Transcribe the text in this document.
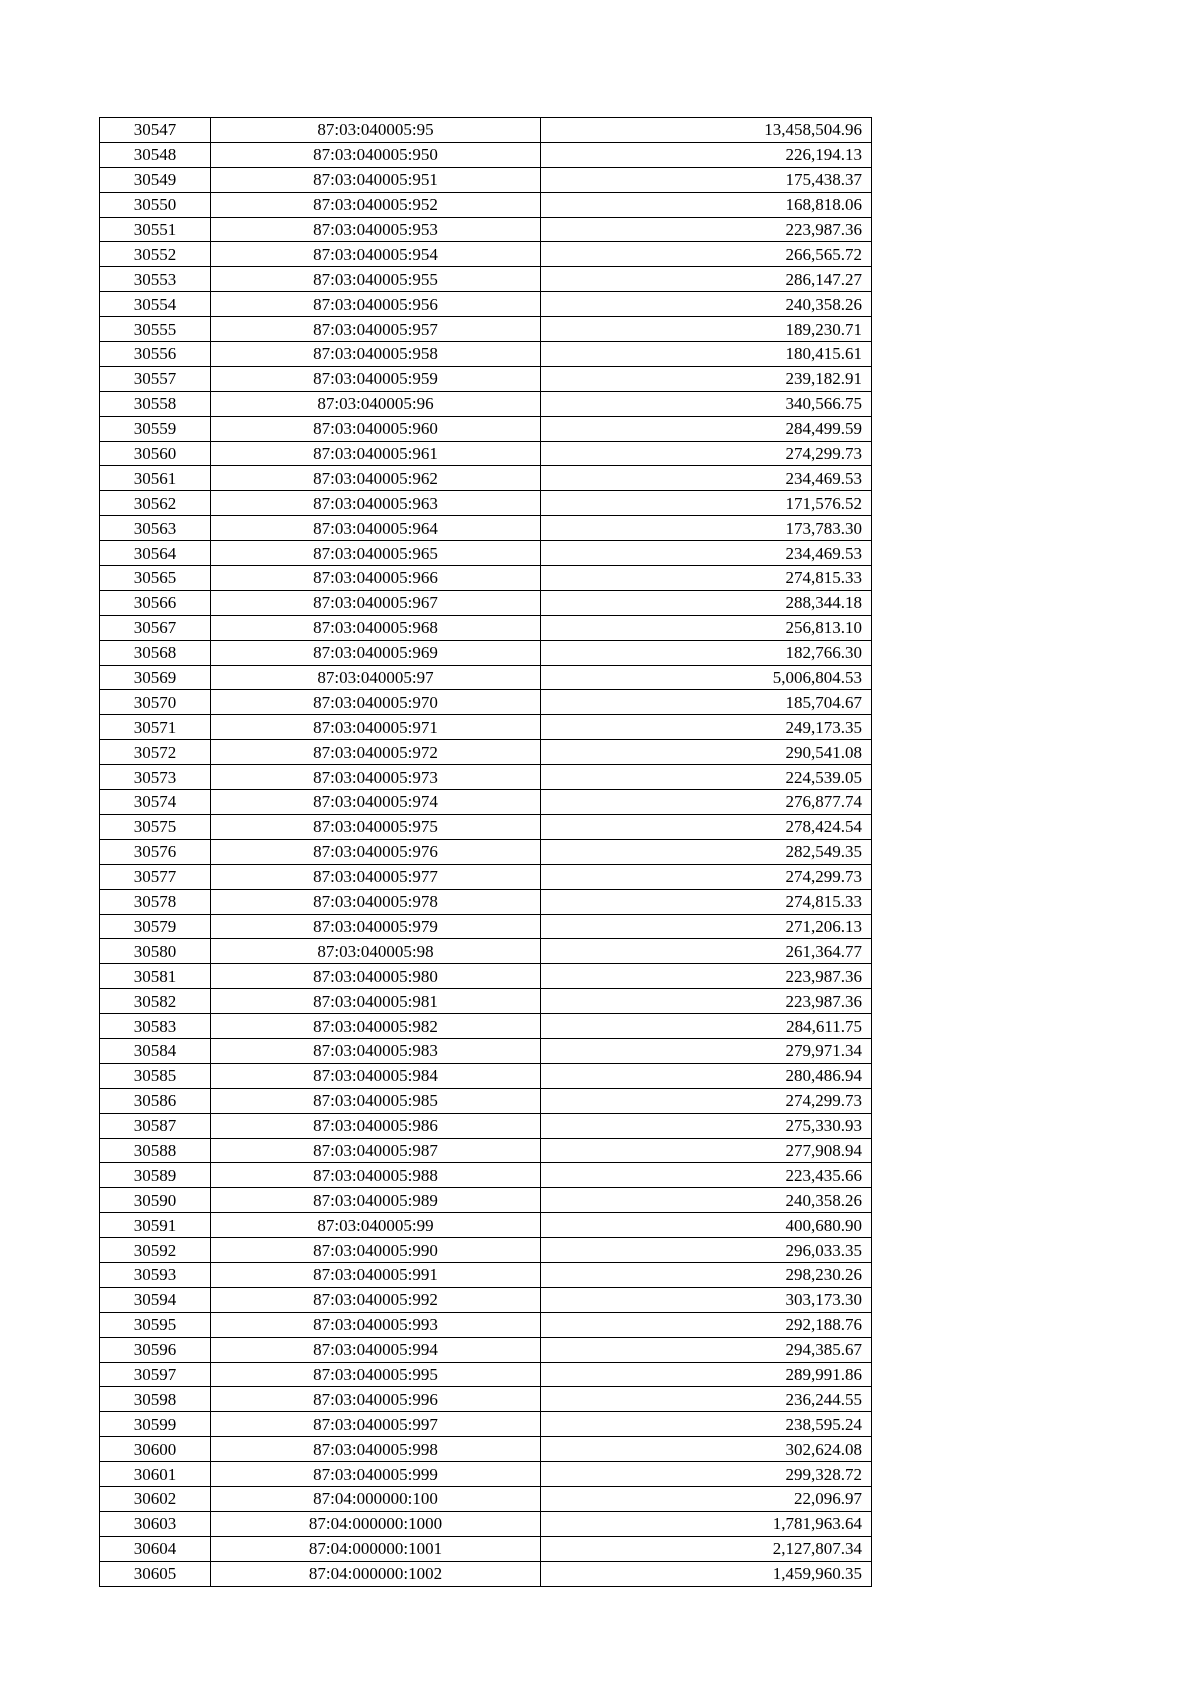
30547	87:03:040005:95	13,458,504.96
30548	87:03:040005:950	226,194.13
30549	87:03:040005:951	175,438.37
30550	87:03:040005:952	168,818.06
30551	87:03:040005:953	223,987.36
30552	87:03:040005:954	266,565.72
30553	87:03:040005:955	286,147.27
30554	87:03:040005:956	240,358.26
30555	87:03:040005:957	189,230.71
30556	87:03:040005:958	180,415.61
30557	87:03:040005:959	239,182.91
30558	87:03:040005:96	340,566.75
30559	87:03:040005:960	284,499.59
30560	87:03:040005:961	274,299.73
30561	87:03:040005:962	234,469.53
30562	87:03:040005:963	171,576.52
30563	87:03:040005:964	173,783.30
30564	87:03:040005:965	234,469.53
30565	87:03:040005:966	274,815.33
30566	87:03:040005:967	288,344.18
30567	87:03:040005:968	256,813.10
30568	87:03:040005:969	182,766.30
30569	87:03:040005:97	5,006,804.53
30570	87:03:040005:970	185,704.67
30571	87:03:040005:971	249,173.35
30572	87:03:040005:972	290,541.08
30573	87:03:040005:973	224,539.05
30574	87:03:040005:974	276,877.74
30575	87:03:040005:975	278,424.54
30576	87:03:040005:976	282,549.35
30577	87:03:040005:977	274,299.73
30578	87:03:040005:978	274,815.33
30579	87:03:040005:979	271,206.13
30580	87:03:040005:98	261,364.77
30581	87:03:040005:980	223,987.36
30582	87:03:040005:981	223,987.36
30583	87:03:040005:982	284,611.75
30584	87:03:040005:983	279,971.34
30585	87:03:040005:984	280,486.94
30586	87:03:040005:985	274,299.73
30587	87:03:040005:986	275,330.93
30588	87:03:040005:987	277,908.94
30589	87:03:040005:988	223,435.66
30590	87:03:040005:989	240,358.26
30591	87:03:040005:99	400,680.90
30592	87:03:040005:990	296,033.35
30593	87:03:040005:991	298,230.26
30594	87:03:040005:992	303,173.30
30595	87:03:040005:993	292,188.76
30596	87:03:040005:994	294,385.67
30597	87:03:040005:995	289,991.86
30598	87:03:040005:996	236,244.55
30599	87:03:040005:997	238,595.24
30600	87:03:040005:998	302,624.08
30601	87:03:040005:999	299,328.72
30602	87:04:000000:100	22,096.97
30603	87:04:000000:1000	1,781,963.64
30604	87:04:000000:1001	2,127,807.34
30605	87:04:000000:1002	1,459,960.35
